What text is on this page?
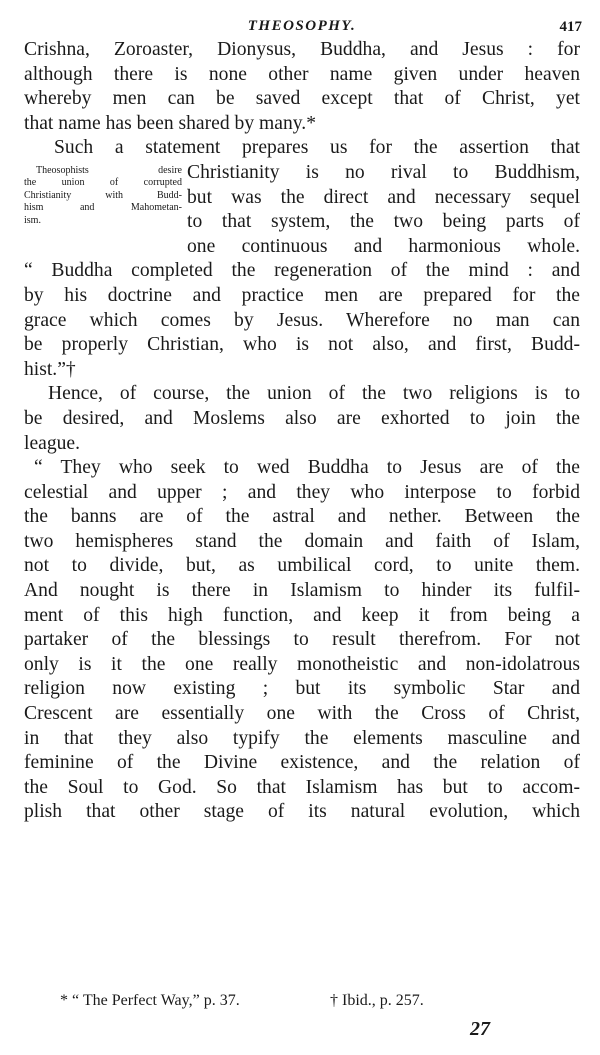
THEOSOPHY.	417
Crishna, Zoroaster, Dionysus, Buddha, and Jesus : for
although there is none other name given under heaven
whereby men can be saved except that of Christ, yet
that name has been shared by many.*
Such a statement prepares us for the assertion that
Theosophists desire
the union of corrupted
Christianity with Budd-
hism and Mahometan-
ism.
Christianity is no rival to Buddhism,
but was the direct and necessary sequel
to that system, the two being parts of
one continuous and harmonious whole.
“ Buddha completed the regeneration of the mind : and
by his doctrine and practice men are prepared for the
grace which comes by Jesus. Wherefore no man can
be properly Christian, who is not also, and first, Budd-
hist.”†
Hence, of course, the union of the two religions is to
be desired, and Moslems also are exhorted to join the
league.
“ They who seek to wed Buddha to Jesus are of the
celestial and upper ; and they who interpose to forbid
the banns are of the astral and nether. Between the
two hemispheres stand the domain and faith of Islam,
not to divide, but, as umbilical cord, to unite them.
And nought is there in Islamism to hinder its fulfil-
ment of this high function, and keep it from being a
partaker of the blessings to result therefrom. For not
only is it the one really monotheistic and non-idolatrous
religion now existing ; but its symbolic Star and
Crescent are essentially one with the Cross of Christ,
in that they also typify the elements masculine and
feminine of the Divine existence, and the relation of
the Soul to God. So that Islamism has but to accom-
plish that other stage of its natural evolution, which
* “ The Perfect Way,” p. 37.	† Ibid., p. 257.
27
